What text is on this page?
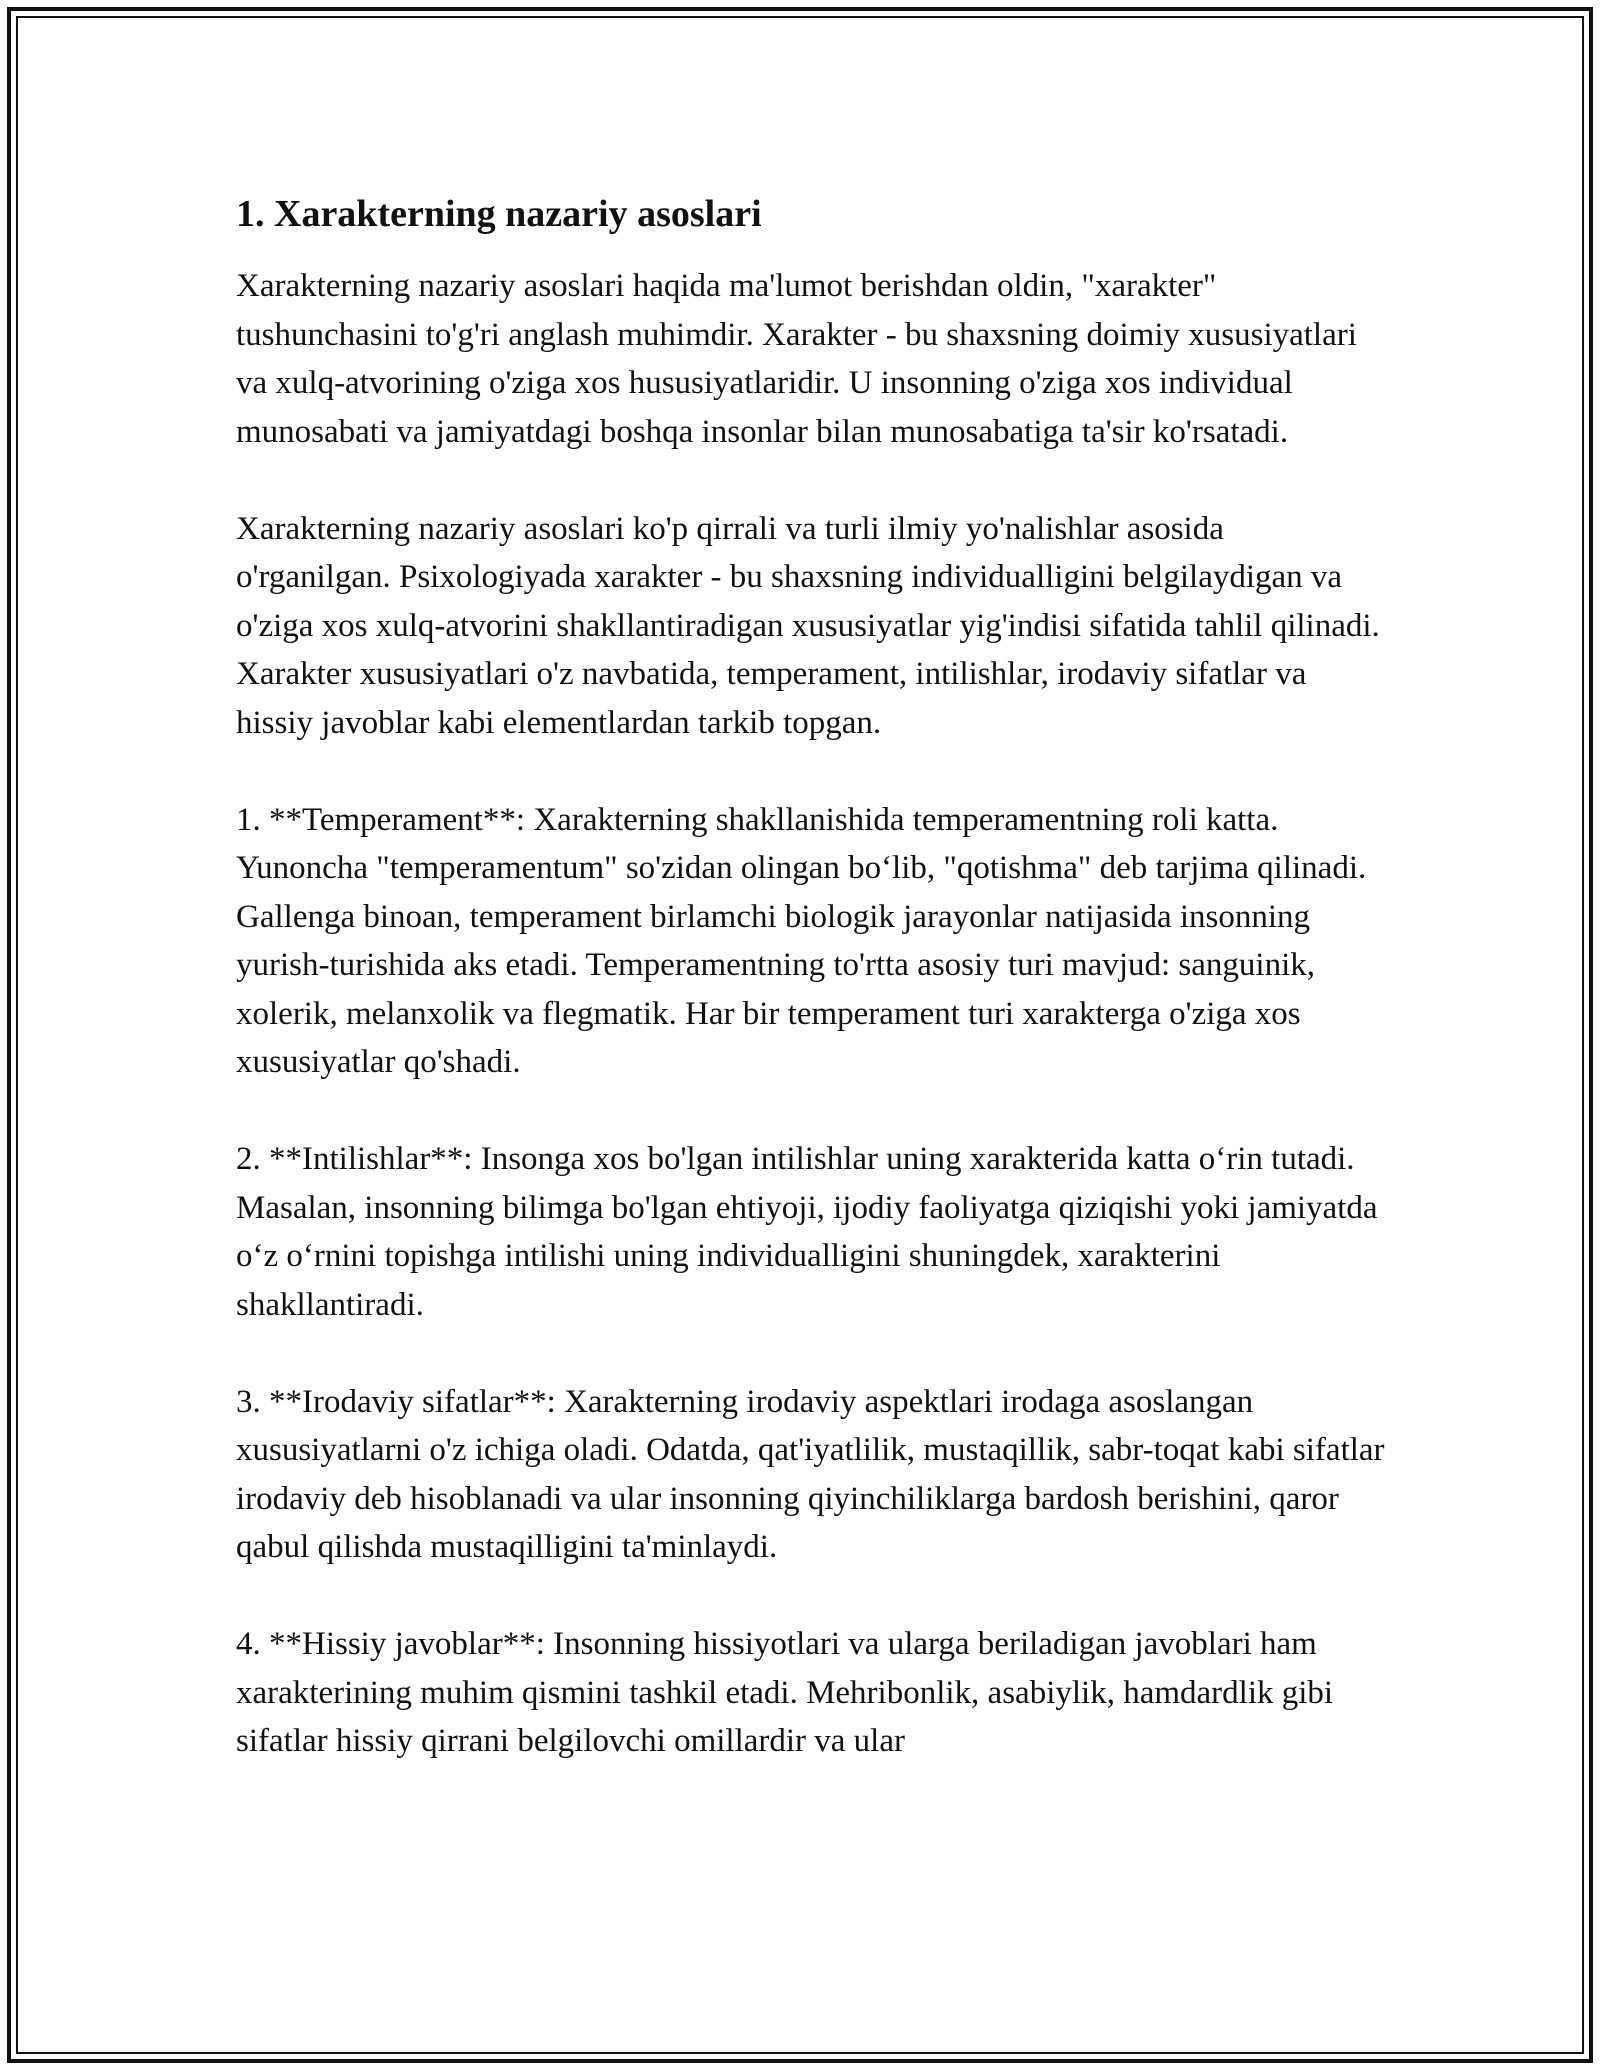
1. Xarakterning nazariy asoslari

Xarakterning nazariy asoslari haqida ma'lumot berishdan oldin, "xarakter" tushunchasini to'g'ri anglash muhimdir. Xarakter - bu shaxsning doimiy xususiyatlari va xulq-atvorining o'ziga xos hususiyatlaridir. U insonning o'ziga xos individual munosabati va jamiyatdagi boshqa insonlar bilan munosabatiga ta'sir ko'rsatadi.

Xarakterning nazariy asoslari ko'p qirrali va turli ilmiy yo'nalishlar asosida o'rganilgan. Psixologiyada xarakter - bu shaxsning individualligini belgilaydigan va o'ziga xos xulq-atvorini shakllantiradigan xususiyatlar yig'indisi sifatida tahlil qilinadi. Xarakter xususiyatlari o'z navbatida, temperament, intilishlar, irodaviy sifatlar va hissiy javoblar kabi elementlardan tarkib topgan.

1. **Temperament**: Xarakterning shakllanishida temperamentning roli katta. Yunoncha "temperamentum" so'zidan olingan bo‘lib, "qotishma" deb tarjima qilinadi. Gallenga binoan, temperament birlamchi biologik jarayonlar natijasida insonning yurish-turishida aks etadi. Temperamentning to'rtta asosiy turi mavjud: sanguinik, xolerik, melanxolik va flegmatik. Har bir temperament turi xarakterga o'ziga xos xususiyatlar qo'shadi.

2. **Intilishlar**: Insonga xos bo'lgan intilishlar uning xarakterida katta o‘rin tutadi. Masalan, insonning bilimga bo'lgan ehtiyoji, ijodiy faoliyatga qiziqishi yoki jamiyatda o‘z o‘rnini topishga intilishi uning individualligini shuningdek, xarakterini shakllantiradi.

3. **Irodaviy sifatlar**: Xarakterning irodaviy aspektlari irodaga asoslangan xususiyatlarni o'z ichiga oladi. Odatda, qat'iyatlilik, mustaqillik, sabr-toqat kabi sifatlar irodaviy deb hisoblanadi va ular insonning qiyinchiliklarga bardosh berishini, qaror qabul qilishda mustaqilligini ta'minlaydi.

4. **Hissiy javoblar**: Insonning hissiyotlari va ularga beriladigan javoblari ham xarakterining muhim qismini tashkil etadi. Mehribonlik, asabiylik, hamdardlik gibi sifatlar hissiy qirrani belgilovchi omillardir va ular
